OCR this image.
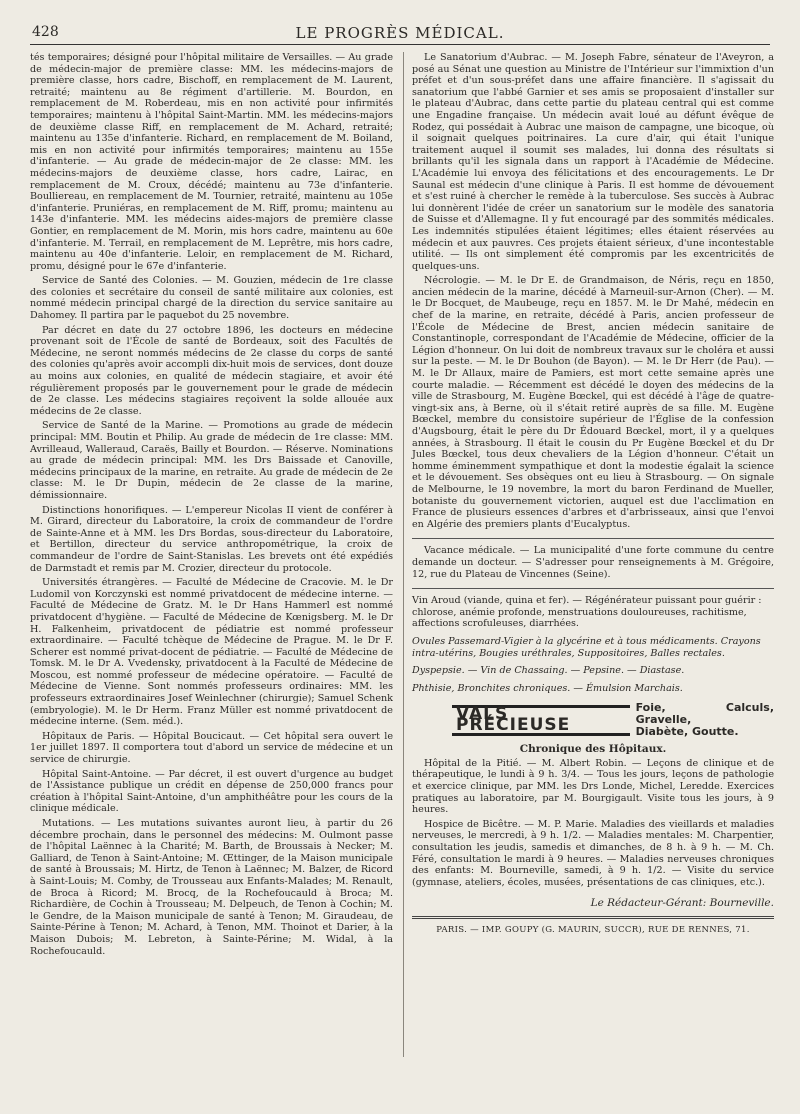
428	LE PROGRÈS MÉDICAL.

tés temporaires; désigné pour l'hôpital militaire de Versailles. — Au grade de médecin-major de première classe: MM. les médecins-majors de première classe, hors cadre, Bischoff, en remplacement de M. Laurent, retraité; maintenu au 8e régiment d'artillerie. M. Bourdon, en remplacement de M. Roberdeau, mis en non activité pour infirmités temporaires; maintenu à l'hôpital Saint-Martin. MM. les médecins-majors de deuxième classe Riff, en remplacement de M. Achard, retraité; maintenu au 135e d'infanterie. Richard, en remplacement de M. Boiland, mis en non activité pour infirmités temporaires; maintenu au 155e d'infanterie. — Au grade de médecin-major de 2e classe: MM. les médecins-majors de deuxième classe, hors cadre, Lairac, en remplacement de M. Croux, décédé; maintenu au 73e d'infanterie. Boulliereau, en remplacement de M. Tournier, retraité, maintenu au 105e d'infanterie. Pruniéras, en remplacement de M. Riff, promu; maintenu au 143e d'infanterie. MM. les médecins aides-majors de première classe Gontier, en remplacement de M. Morin, mis hors cadre, maintenu au 60e d'infanterie. M. Terrail, en remplacement de M. Leprêtre, mis hors cadre, maintenu au 40e d'infanterie. Leloir, en remplacement de M. Richard, promu, désigné pour le 67e d'infanterie.

Service de Santé des Colonies. — M. Gouzien, médecin de 1re classe des colonies et secrétaire du conseil de santé militaire aux colonies, est nommé médecin principal chargé de la direction du service sanitaire au Dahomey. Il partira par le paquebot du 25 novembre.

Par décret en date du 27 octobre 1896, les docteurs en médecine provenant soit de l'École de santé de Bordeaux, soit des Facultés de Médecine, ne seront nommés médecins de 2e classe du corps de santé des colonies qu'après avoir accompli dix-huit mois de services, dont douze au moins aux colonies, en qualité de médecin stagiaire, et avoir été régulièrement proposés par le gouvernement pour le grade de médecin de 2e classe. Les médecins stagiaires reçoivent la solde allouée aux médecins de 2e classe.

Service de Santé de la Marine. — Promotions au grade de médecin principal: MM. Boutin et Philip. Au grade de médecin de 1re classe: MM. Avrilleaud, Walleraud, Caraës, Bailly et Bourdon. — Réserve. Nominations au grade de médecin principal: MM. les Drs Baissade et Canoville, médecins principaux de la marine, en retraite. Au grade de médecin de 2e classe: M. le Dr Dupin, médecin de 2e classe de la marine, démissionnaire.

Distinctions honorifiques. — L'empereur Nicolas II vient de conférer à M. Girard, directeur du Laboratoire, la croix de commandeur de l'ordre de Sainte-Anne et à MM. les Drs Bordas, sous-directeur du Laboratoire, et Bertillon, directeur du service anthropométrique, la croix de commandeur de l'ordre de Saint-Stanislas. Les brevets ont été expédiés de Darmstadt et remis par M. Crozier, directeur du protocole.

Universités étrangères. — Faculté de Médecine de Cracovie. M. le Dr Ludomil von Korczynski est nommé privatdocent de médecine interne. — Faculté de Médecine de Gratz. M. le Dr Hans Hammerl est nommé privatdocent d'hygiène. — Faculté de Médecine de Kœnigsberg. M. le Dr H. Falkenheim, privatdocent de pédiatrie est nommé professeur extraordinaire. — Faculté tchèque de Médecine de Prague. M. le Dr F. Scherer est nommé privat-docent de pédiatrie. — Faculté de Médecine de Tomsk. M. le Dr A. Vvedensky, privatdocent à la Faculté de Médecine de Moscou, est nommé professeur de médecine opératoire. — Faculté de Médecine de Vienne. Sont nommés professeurs ordinaires: MM. les professeurs extraordinaires Josef Weinlechner (chirurgie); Samuel Schenk (embryologie). M. le Dr Herm. Franz Müller est nommé privatdocent de médecine interne. (Sem. méd.).

Hôpitaux de Paris. — Hôpital Boucicaut. — Cet hôpital sera ouvert le 1er juillet 1897. Il comportera tout d'abord un service de médecine et un service de chirurgie.

Hôpital Saint-Antoine. — Par décret, il est ouvert d'urgence au budget de l'Assistance publique un crédit en dépense de 250,000 francs pour création à l'hôpital Saint-Antoine, d'un amphithéâtre pour les cours de la clinique médicale.

Mutations. — Les mutations suivantes auront lieu, à partir du 26 décembre prochain, dans le personnel des médecins: M. Oulmont passe de l'hôpital Laënnec à la Charité; M. Barth, de Broussais à Necker; M. Galliard, de Tenon à Saint-Antoine; M. Œttinger, de la Maison municipale de santé à Broussais; M. Hirtz, de Tenon à Laënnec; M. Balzer, de Ricord à Saint-Louis; M. Comby, de Trousseau aux Enfants-Malades; M. Renault, de Broca à Ricord; M. Brocq, de la Rochefoucauld à Broca; M. Richardière, de Cochin à Trousseau; M. Delpeuch, de Tenon à Cochin; M. le Gendre, de la Maison municipale de santé à Tenon; M. Giraudeau, de Sainte-Périne à Tenon; M. Achard, à Tenon, MM. Thoinot et Darier, à la Maison Dubois; M. Lebreton, à Sainte-Périne; M. Widal, à la Rochefoucauld.

Le Sanatorium d'Aubrac. — M. Joseph Fabre, sénateur de l'Aveyron, a posé au Sénat une question au Ministre de l'Intérieur sur l'immixtion d'un préfet et d'un sous-préfet dans une affaire financière. Il s'agissait du sanatorium que l'abbé Garnier et ses amis se proposaient d'installer sur le plateau d'Aubrac, dans cette partie du plateau central qui est comme une Engadine française. Un médecin avait loué au défunt évêque de Rodez, qui possédait à Aubrac une maison de campagne, une bicoque, où il soignait quelques poitrinaires. La cure d'air, qui était l'unique traitement auquel il soumit ses malades, lui donna des résultats si brillants qu'il les signala dans un rapport à l'Académie de Médecine. L'Académie lui envoya des félicitations et des encouragements. Le Dr Saunal est médecin d'une clinique à Paris. Il est homme de dévouement et s'est ruiné à chercher le remède à la tuberculose. Ses succès à Aubrac lui donnèrent l'idée de créer un sanatorium sur le modèle des sanatoria de Suisse et d'Allemagne. Il y fut encouragé par des sommités médicales. Les indemnités stipulées étaient légitimes; elles étaient réservées au médecin et aux pauvres. Ces projets étaient sérieux, d'une incontestable utilité. — Ils ont simplement été compromis par les excentricités de quelques-uns.

Nécrologie. — M. le Dr E. de Grandmaison, de Néris, reçu en 1850, ancien médecin de la marine, décédé à Marneuil-sur-Arnon (Cher). — M. le Dr Bocquet, de Maubeuge, reçu en 1857. M. le Dr Mahé, médecin en chef de la marine, en retraite, décédé à Paris, ancien professeur de l'École de Médecine de Brest, ancien médecin sanitaire de Constantinople, correspondant de l'Académie de Médecine, officier de la Légion d'honneur. On lui doit de nombreux travaux sur le choléra et aussi sur la peste. — M. le Dr Bouhon (de Bayon). — M. le Dr Herr (de Pau). — M. le Dr Allaux, maire de Pamiers, est mort cette semaine après une courte maladie. — Récemment est décédé le doyen des médecins de la ville de Strasbourg, M. Eugène Bœckel, qui est décédé à l'âge de quatre-vingt-six ans, à Berne, où il s'était retiré auprès de sa fille. M. Eugène Bœckel, membre du consistoire supérieur de l'Église de la confession d'Augsbourg, était le père du Dr Édouard Bœckel, mort, il y a quelques années, à Strasbourg. Il était le cousin du Pr Eugène Bœckel et du Dr Jules Bœckel, tous deux chevaliers de la Légion d'honneur. C'était un homme éminemment sympathique et dont la modestie égalait la science et le dévouement. Ses obsèques ont eu lieu à Strasbourg. — On signale de Melbourne, le 19 novembre, la mort du baron Ferdinand de Mueller, botaniste du gouvernement victorien, auquel est due l'acclimation en France de plusieurs essences d'arbres et d'arbrisseaux, ainsi que l'envoi en Algérie des premiers plants d'Eucalyptus.

Vacance médicale. — La municipalité d'une forte commune du centre demande un docteur. — S'adresser pour renseignements à M. Grégoire, 12, rue du Plateau de Vincennes (Seine).

Vin Aroud (viande, quina et fer). — Régénérateur puissant pour guérir : chlorose, anémie profonde, menstruations douloureuses, rachitisme, affections scrofuleuses, diarrhées.

Ovules Passemard-Vigier à la glycérine et à tous médicaments. Crayons intra-utérins, Bougies uréthrales, Suppositoires, Balles rectales.

Dyspepsie. — Vin de Chassaing. — Pepsine. — Diastase.

Phthisie, Bronchites chroniques. — Émulsion Marchais.

VALS PRÉCIEUSE
Foie, Calculs, Gravelle,
Diabète, Goutte.
Chronique des Hôpitaux.

Hôpital de la Pitié. — M. Albert Robin. — Leçons de clinique et de thérapeutique, le lundi à 9 h. 3/4. — Tous les jours, leçons de pathologie et exercice clinique, par MM. les Drs Londe, Michel, Leredde. Exercices pratiques au laboratoire, par M. Bourgigault. Visite tous les jours, à 9 heures.

Hospice de Bicêtre. — M. P. Marie. Maladies des vieillards et maladies nerveuses, le mercredi, à 9 h. 1/2. — Maladies mentales: M. Charpentier, consultation les jeudis, samedis et dimanches, de 8 h. à 9 h. — M. Ch. Féré, consultation le mardi à 9 heures. — Maladies nerveuses chroniques des enfants: M. Bourneville, samedi, à 9 h. 1/2. — Visite du service (gymnase, ateliers, écoles, musées, présentations de cas cliniques, etc.).

Le Rédacteur-Gérant: Bourneville.
PARIS. — IMP. GOUPY (G. MAURIN, SUCCR), RUE DE RENNES, 71.
